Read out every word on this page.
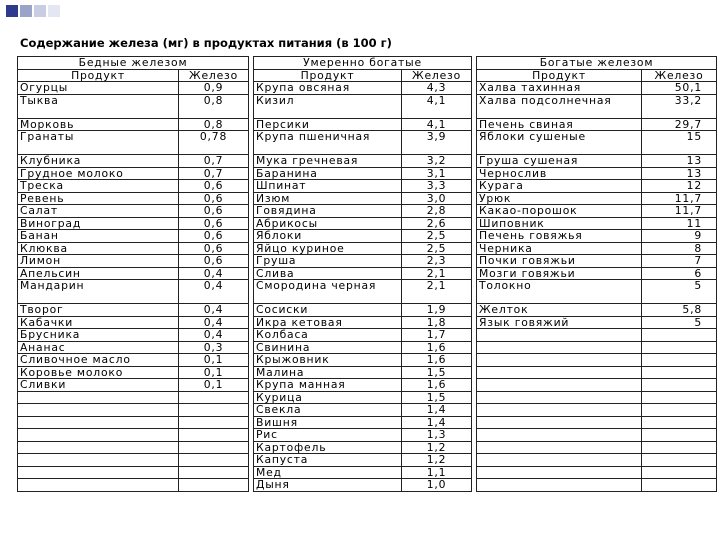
Содержание железа (мг) в продуктах питания (в 100 г)
Бедные железом			Умеренно богатые			Богатые железом	
Продукт	Железо		Продукт	Железо		Продукт	Железо
Огурцы	0,9		Крупа овсяная	4,3		Халва тахинная	50,1
Тыква	0,8		Кизил	4,1		Халва подсолнечная	33,2
Морковь	0,8		Персики	4,1		Печень свиная	29,7
Гранаты	0,78		Крупа пшеничная	3,9		Яблоки сушеные	15
Клубника	0,7		Мука гречневая	3,2		Груша сушеная	13
Грудное молоко	0,7		Баранина	3,1		Чернослив	13
Треска	0,6		Шпинат	3,3		Курага	12
Ревень	0,6		Изюм	3,0		Урюк	11,7
Салат	0,6		Говядина	2,8		Какао-порошок	11,7
Виноград	0,6		Абрикосы	2,6		Шиповник	11
Банан	0,6		Яблоки	2,5		Печень говяжья	9
Клюква	0,6		Яйцо куриное	2,5		Черника	8
Лимон	0,6		Груша	2,3		Почки говяжьи	7
Апельсин	0,4		Слива	2,1		Мозги говяжьи	6
Мандарин	0,4		Смородина черная	2,1		Толокно	5
Творог	0,4		Сосиски	1,9		Желток	5,8
Кабачки	0,4		Икра кетовая	1,8		Язык говяжий	5
Брусника	0,4		Колбаса	1,7			
Ананас	0,3		Свинина	1,6			
Сливочное масло	0,1		Крыжовник	1,6			
Коровье молоко	0,1		Малина	1,5			
Сливки	0,1		Крупа манная	1,6			
			Курица	1,5			
			Свекла	1,4			
			Вишня	1,4			
			Рис	1,3			
			Картофель	1,2			
			Капуста	1,2			
			Мед	1,1			
			Дыня	1,0			
